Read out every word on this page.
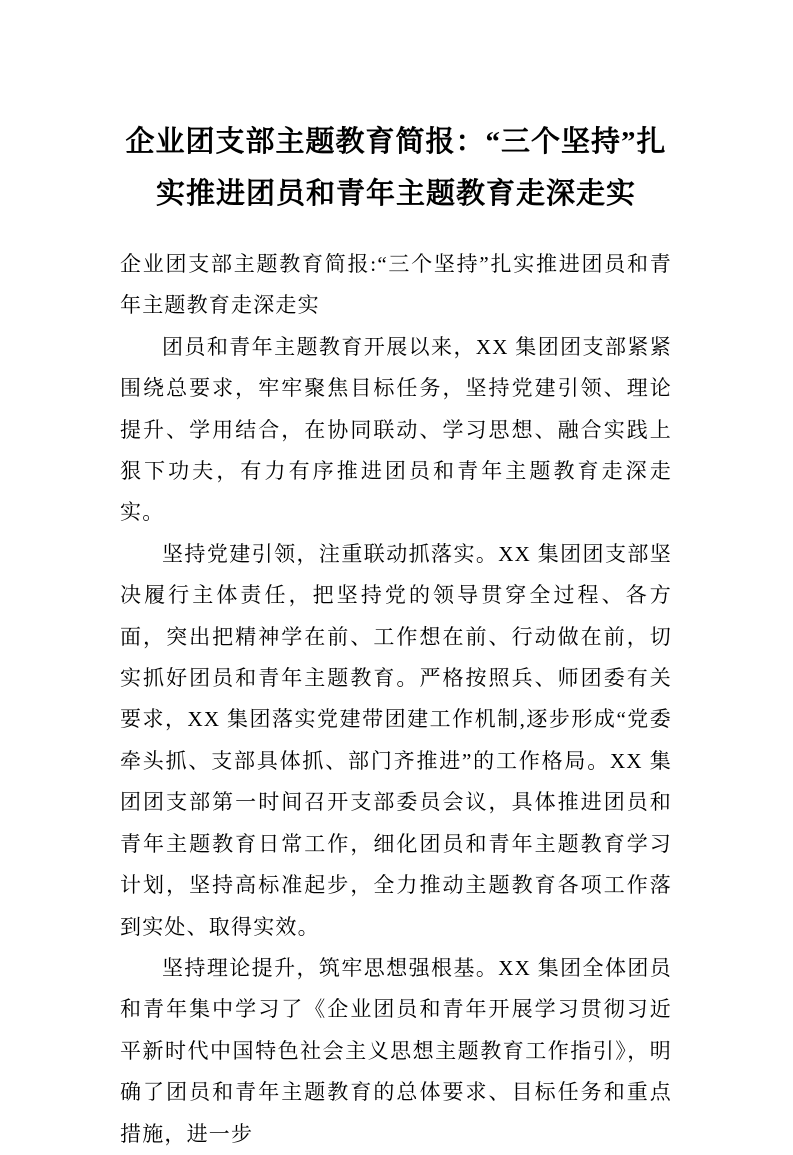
企业团支部主题教育简报：“三个坚持”扎实推进团员和青年主题教育走深走实

企业团支部主题教育简报:“三个坚持”扎实推进团员和青年主题教育走深走实

团员和青年主题教育开展以来，XX 集团团支部紧紧围绕总要求，牢牢聚焦目标任务，坚持党建引领、理论提升、学用结合，在协同联动、学习思想、融合实践上狠下功夫，有力有序推进团员和青年主题教育走深走实。

坚持党建引领，注重联动抓落实。XX 集团团支部坚决履行主体责任，把坚持党的领导贯穿全过程、各方面，突出把精神学在前、工作想在前、行动做在前，切实抓好团员和青年主题教育。严格按照兵、师团委有关要求，XX 集团落实党建带团建工作机制,逐步形成“党委牵头抓、支部具体抓、部门齐推进”的工作格局。XX 集团团支部第一时间召开支部委员会议，具体推进团员和青年主题教育日常工作，细化团员和青年主题教育学习计划，坚持高标准起步，全力推动主题教育各项工作落到实处、取得实效。

坚持理论提升，筑牢思想强根基。XX 集团全体团员和青年集中学习了《企业团员和青年开展学习贯彻习近平新时代中国特色社会主义思想主题教育工作指引》，明确了团员和青年主题教育的总体要求、目标任务和重点措施，进一步
